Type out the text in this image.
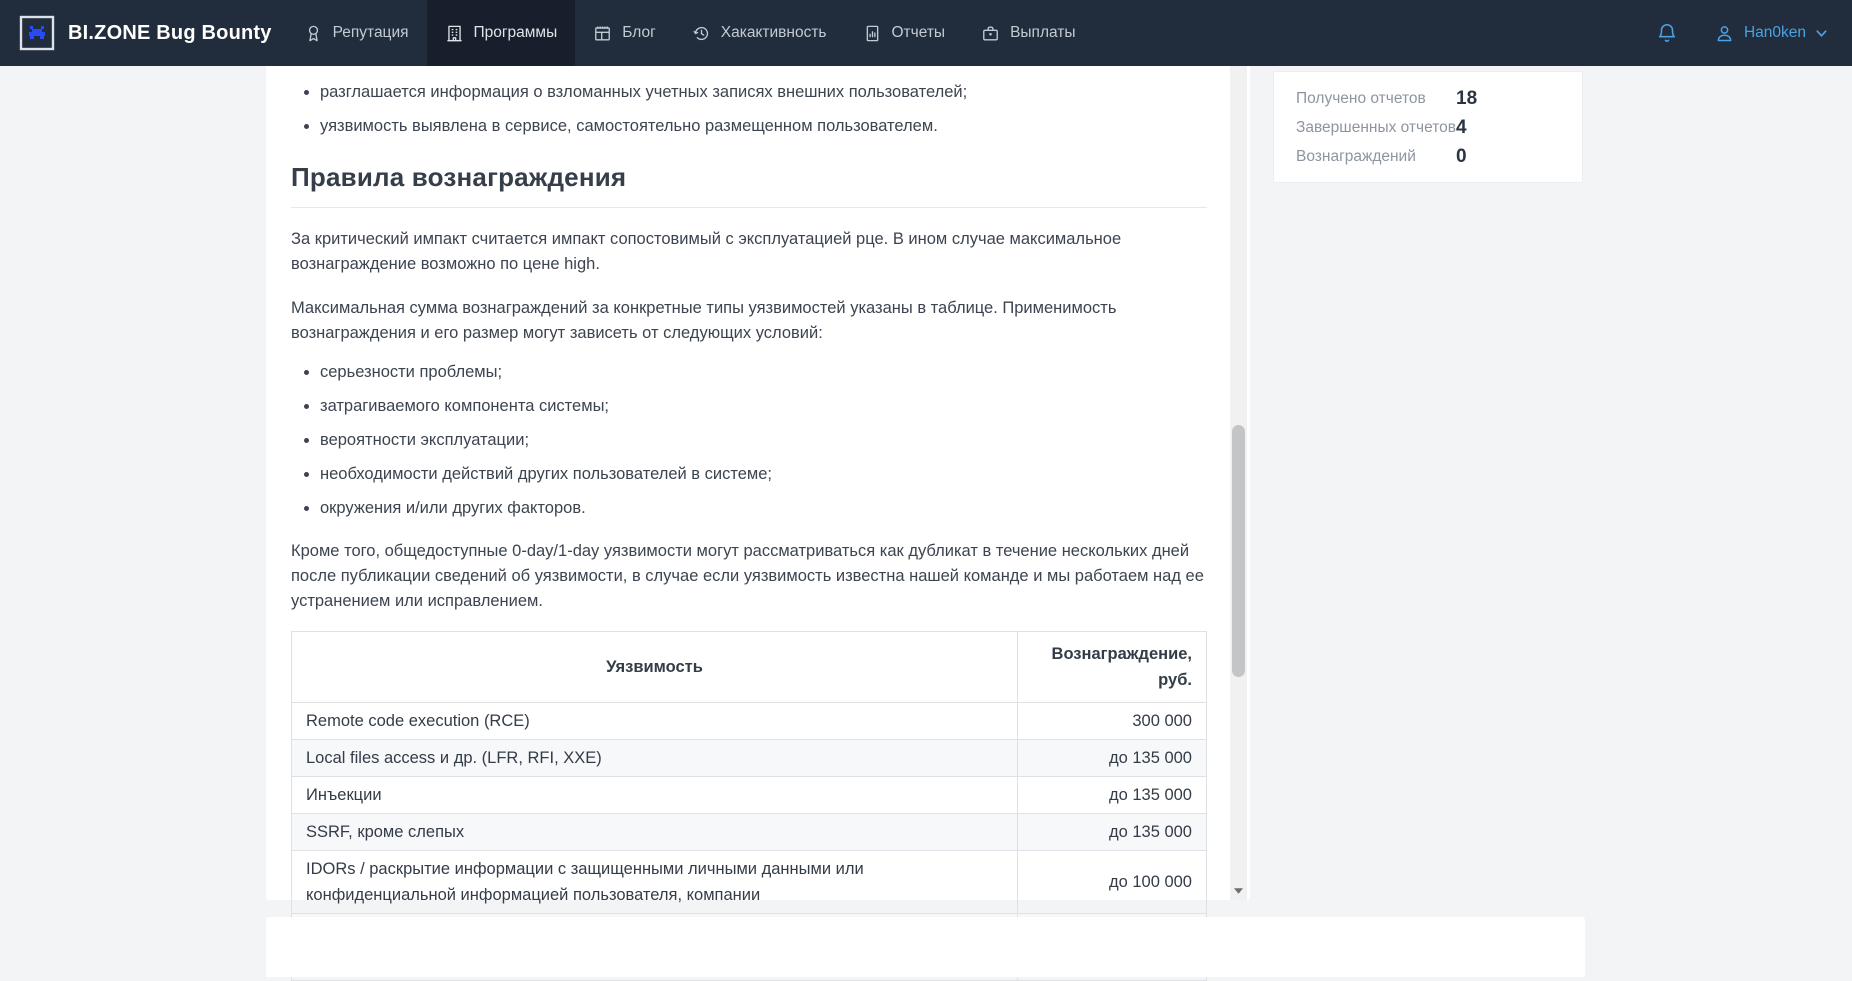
BI.ZONE Bug Bounty	Репутация	Программы	Блог	Хакактивность	Отчеты	Выплаты	Han0ken
• разглашается информация о взломанных учетных записях внешних пользователей;
• уязвимость выявлена в сервисе, самостоятельно размещенном пользователем.
Правила вознаграждения

За критический импакт считается импакт сопостовимый с эксплуатацией рце. В ином случае максимальное вознаграждение возможно по цене high.

Максимальная сумма вознаграждений за конкретные типы уязвимостей указаны в таблице. Применимость вознаграждения и его размер могут зависеть от следующих условий:

• серьезности проблемы;
• затрагиваемого компонента системы;
• вероятности эксплуатации;
• необходимости действий других пользователей в системе;
• окружения и/или других факторов.

Кроме того, общедоступные 0-day/1-day уязвимости могут рассматриваться как дубликат в течение нескольких дней после публикации сведений об уязвимости, в случае если уязвимость известна нашей команде и мы работаем над ее устранением или исправлением.

Уязвимость	Вознаграждение, руб.
Remote code execution (RCE)	300 000
Local files access и др. (LFR, RFI, XXE)	до 135 000
Инъекции	до 135 000
SSRF, кроме слепых	до 135 000
IDORs / раскрытие информации с защищенными личными данными или конфиденциальной информацией пользователя, компании	до 100 000

Получено отчетов	18
Завершенных отчетов 4
Вознаграждений	0
